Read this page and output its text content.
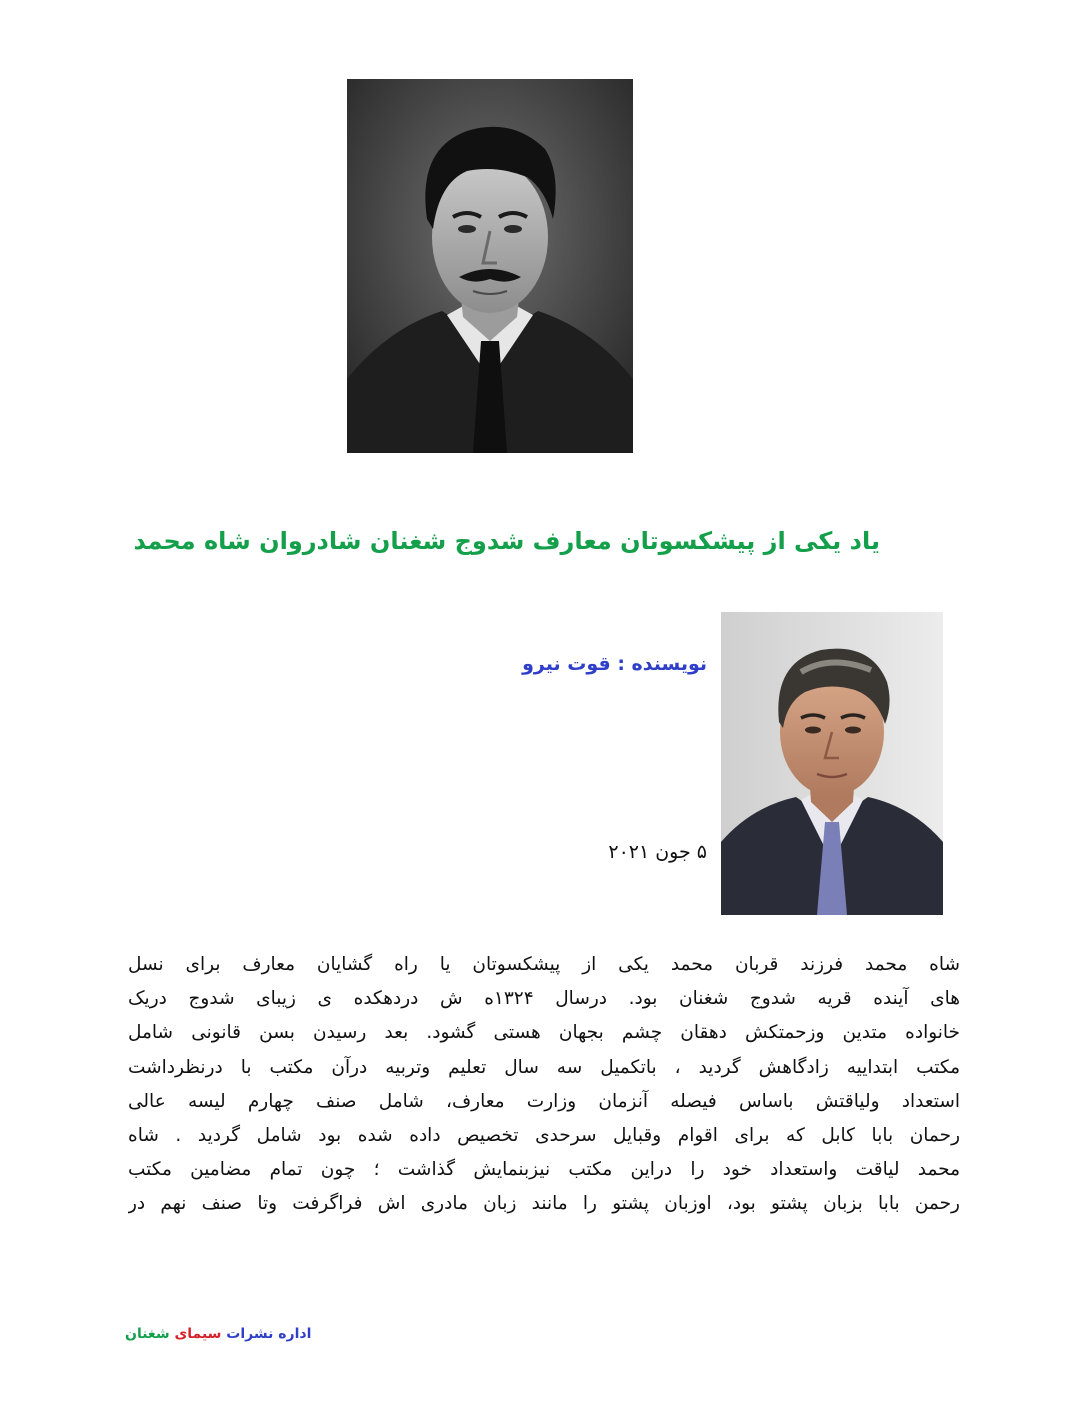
یاد یکی از پیشکسوتان معارف شدوج شغنان شادروان شاه محمد
نویسنده : قوت نیرو
۵ جون ۲۰۲۱
شاه محمد فرزند قربان محمد یکی از پیشکسوتان یا راه گشایان معارف برای نسل
های آینده قریه شدوج شغنان بود. درسال ۱۳۲۴ه ش دردهکده ی زیبای شدوج دریک
خانواده متدین وزحمتکش دهقان چشم بجهان هستی گشود. بعد رسیدن بسن قانونی شامل
مکتب ابتداییه زادگاهش گردید ، باتکمیل سه سال تعلیم وتربیه درآن مکتب با درنظرداشت
استعداد ولیاقتش باساس فیصله آنزمان وزارت معارف، شامل صنف چهارم لیسه عالی
رحمان بابا کابل که برای اقوام وقبایل سرحدی تخصیص داده شده بود شامل گردید . شاه
محمد لیاقت واستعداد خود را دراین مکتب نیزبنمایش گذاشت ؛ چون تمام مضامین مکتب
رحمن بابا بزبان پشتو بود، اوزبان پشتو را مانند زبان مادری اش فراگرفت وتا صنف نهم در
اداره نشرات سیمای شغنان
